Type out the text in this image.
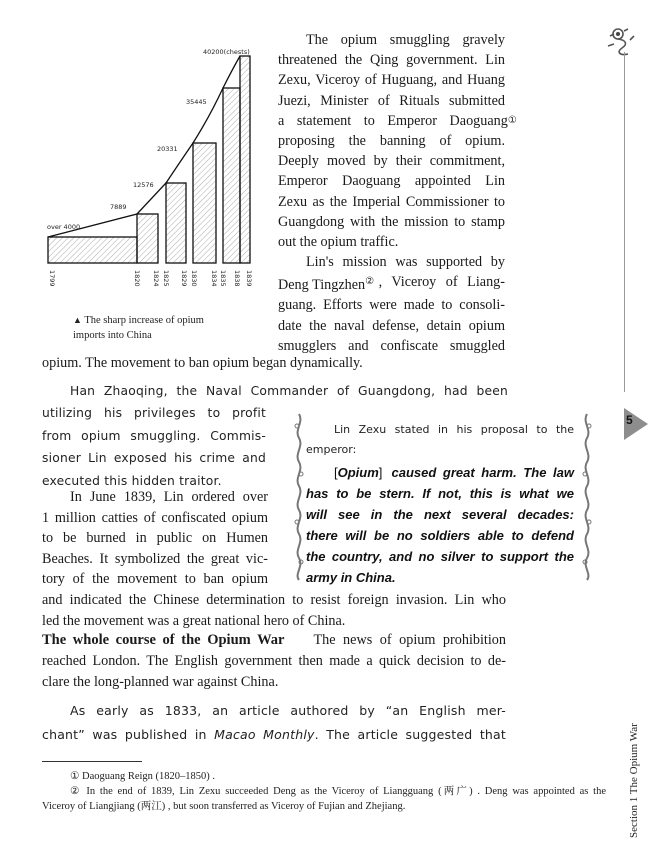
over 4000
7889
12576
20331
35445
40200(chests)
1799	1820 1824 1825 1829 1830 1834 1835 1838 1839
▲ The sharp increase of opium imports into China
The opium smuggling gravely
threatened the Qing government. Lin
Zexu, Viceroy of Huguang, and Huang
Juezi, Minister of Rituals submitted
a statement to Emperor Daoguang ①
proposing the banning of opium.
Deeply moved by their commitment,
Emperor Daoguang appointed Lin
Zexu as the Imperial Commissioner to
Guangdong with the mission to stamp
out the opium traffic.
Lin's mission was supported by
Deng Tingzhen② , Viceroy of Liang-
guang. Efforts were made to consoli-
date the naval defense, detain opium
smugglers and confiscate smuggled
opium. The movement to ban opium began dynamically.
Han Zhaoqing, the Naval Commander of Guangdong, had been
utilizing his privileges to profit
from opium smuggling. Commis-
sioner Lin exposed his crime and
executed this hidden traitor.
Lin Zexu stated in his proposal to the
emperor:
[Opium] caused great harm. The law
has to be stern. If not, this is what we
will see in the next several decades:
there will be no soldiers able to defend
the country, and no silver to support the
army in China.
In June 1839, Lin ordered over
1 million catties of confiscated opium
to be burned in public on Humen
Beaches. It symbolized the great vic-
tory of the movement to ban opium
and indicated the Chinese determination to resist foreign invasion. Lin who
led the movement was a great national hero of China.
The whole course of the Opium War The news of opium prohibition
reached London. The English government then made a quick decision to de-
clare the long-planned war against China.
As early as 1833, an article authored by “an English mer-
chant” was published in Macao Monthly. The article suggested that
① Daoguang Reign (1820–1850) .
② In the end of 1839, Lin Zexu succeeded Deng as the Viceroy of Liangguang (两广) . Deng was appointed as the
Viceroy of Liangjiang (两江) , but soon transferred as Viceroy of Fujian and Zhejiang.
5
Section 1 The Opium War
